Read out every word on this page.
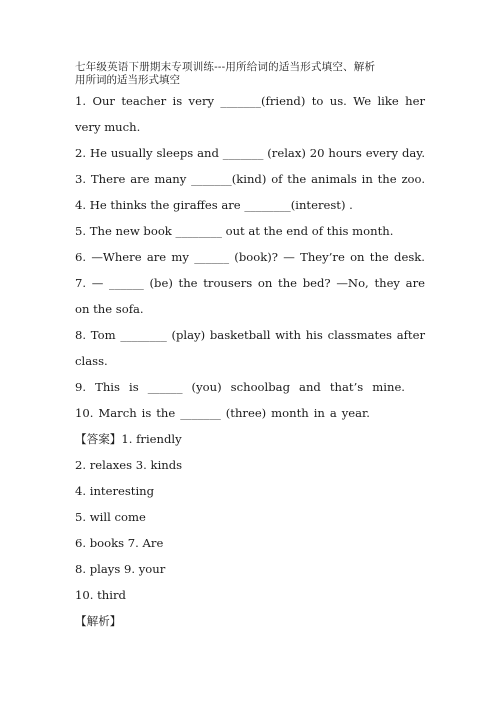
七年级英语下册期末专项训练---用所给词的适当形式填空、解析
用所词的适当形式填空
1. Our teacher is very _______(friend) to us. We like her
very much.
2. He usually sleeps and _______ (relax) 20 hours every day.
3. There are many _______(kind) of the animals in the zoo.
4. He thinks the giraffes are ________(interest) .
5. The new book ________ out at the end of this month.
6. —Where are my ______ (book)? — They’re on the desk.
7. — ______ (be) the trousers on the bed? —No, they are
on the sofa.
8. Tom ________ (play) basketball with his classmates after
class.
9. This is ______ (you) schoolbag and that’s mine.
10. March is the _______ (three) month in a year.
【答案】1. friendly
2. relaxes 3. kinds
4. interesting
5. will come
6. books 7. Are
8. plays 9. your
10. third
【解析】
